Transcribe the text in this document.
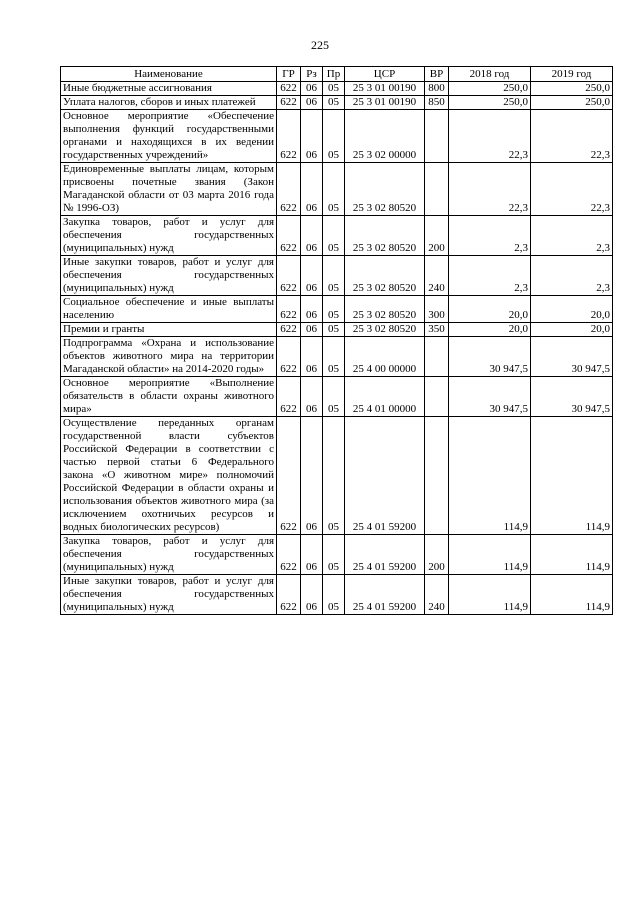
225
Наименование	ГР	Рз	Пр	ЦСР	ВР	2018 год	2019 год
Иные бюджетные ассигнования	622	06	05	25 3 01 00190	800	250,0	250,0
Уплата налогов, сборов и иных платежей	622	06	05	25 3 01 00190	850	250,0	250,0
Основное мероприятие «Обеспечение выполнения функций государственными органами и находящихся в их ведении государственных учреждений»	622	06	05	25 3 02 00000		22,3	22,3
Единовременные выплаты лицам, которым присвоены почетные звания (Закон Магаданской области от 03 марта 2016 года № 1996-ОЗ)	622	06	05	25 3 02 80520		22,3	22,3
Закупка товаров, работ и услуг для обеспечения государственных (муниципальных) нужд	622	06	05	25 3 02 80520	200	2,3	2,3
Иные закупки товаров, работ и услуг для обеспечения государственных (муниципальных) нужд	622	06	05	25 3 02 80520	240	2,3	2,3
Социальное обеспечение и иные выплаты населению	622	06	05	25 3 02 80520	300	20,0	20,0
Премии и гранты	622	06	05	25 3 02 80520	350	20,0	20,0
Подпрограмма «Охрана и использование объектов животного мира на территории Магаданской области» на 2014-2020 годы»	622	06	05	25 4 00 00000		30 947,5	30 947,5
Основное мероприятие «Выполнение обязательств в области охраны животного мира»	622	06	05	25 4 01 00000		30 947,5	30 947,5
Осуществление переданных органам государственной власти субъектов Российской Федерации в соответствии с частью первой статьи 6 Федерального закона «О животном мире» полномочий Российской Федерации в области охраны и использования объектов животного мира (за исключением охотничьих ресурсов и водных биологических ресурсов)	622	06	05	25 4 01 59200		114,9	114,9
Закупка товаров, работ и услуг для обеспечения государственных (муниципальных) нужд	622	06	05	25 4 01 59200	200	114,9	114,9
Иные закупки товаров, работ и услуг для обеспечения государственных (муниципальных) нужд	622	06	05	25 4 01 59200	240	114,9	114,9
